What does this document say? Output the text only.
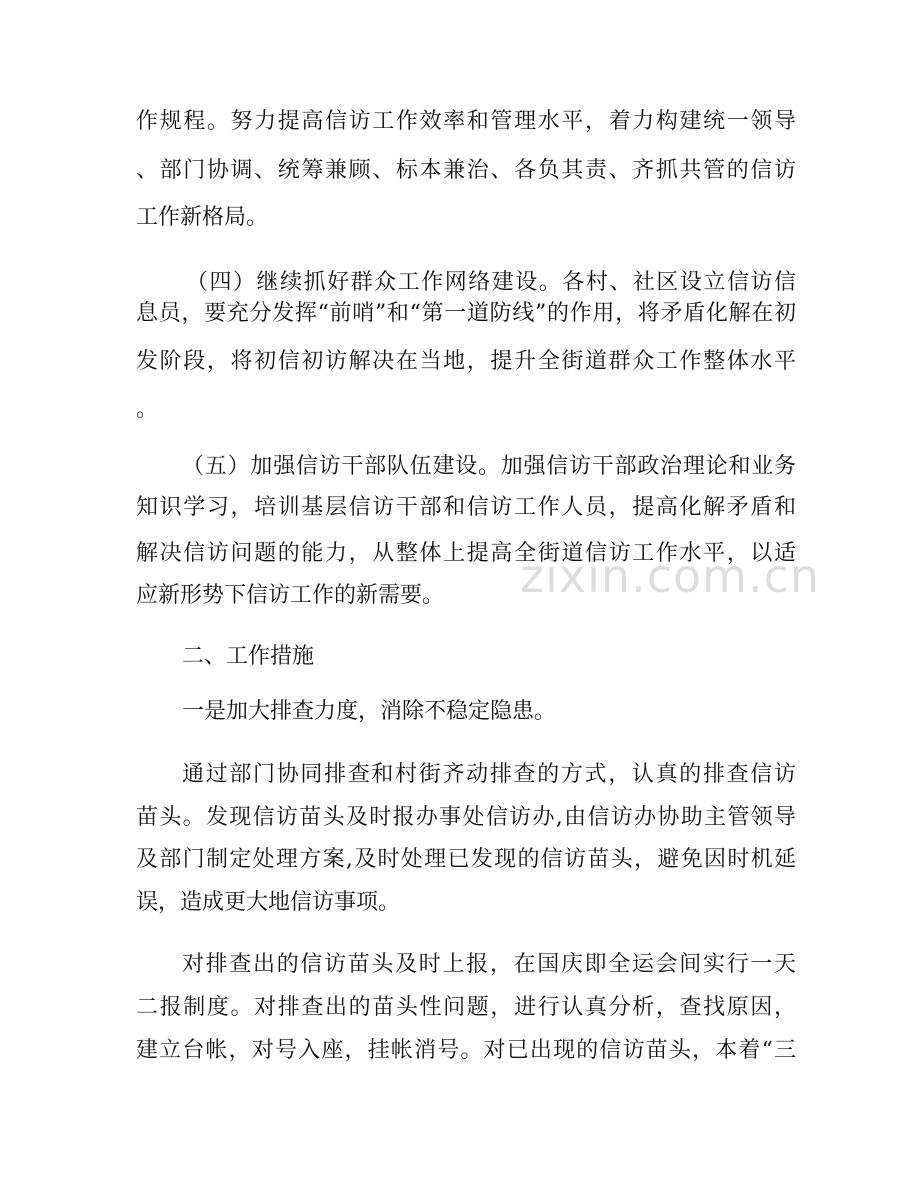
作规程。努力提高信访工作效率和管理水平，着力构建统一领导
、部门协调、统筹兼顾、标本兼治、各负其责、齐抓共管的信访
工作新格局。
（四）继续抓好群众工作网络建设。各村、社区设立信访信
息员，要充分发挥“前哨”和“第一道防线”的作用，将矛盾化解在初
发阶段，将初信初访解决在当地，提升全街道群众工作整体水平
。
（五）加强信访干部队伍建设。加强信访干部政治理论和业务
知识学习，培训基层信访干部和信访工作人员，提高化解矛盾和
解决信访问题的能力，从整体上提高全街道信访工作水平，以适
应新形势下信访工作的新需要。
二、工作措施
一是加大排查力度，消除不稳定隐患。
通过部门协同排查和村街齐动排查的方式，认真的排查信访
苗头。发现信访苗头及时报办事处信访办,由信访办协助主管领导
及部门制定处理方案,及时处理已发现的信访苗头，避免因时机延
误，造成更大地信访事项。
对排查出的信访苗头及时上报，在国庆即全运会间实行一天
二报制度。对排查出的苗头性问题，进行认真分析，查找原因，
建立台帐，对号入座，挂帐消号。对已出现的信访苗头，本着“三
zixin.com.cn
